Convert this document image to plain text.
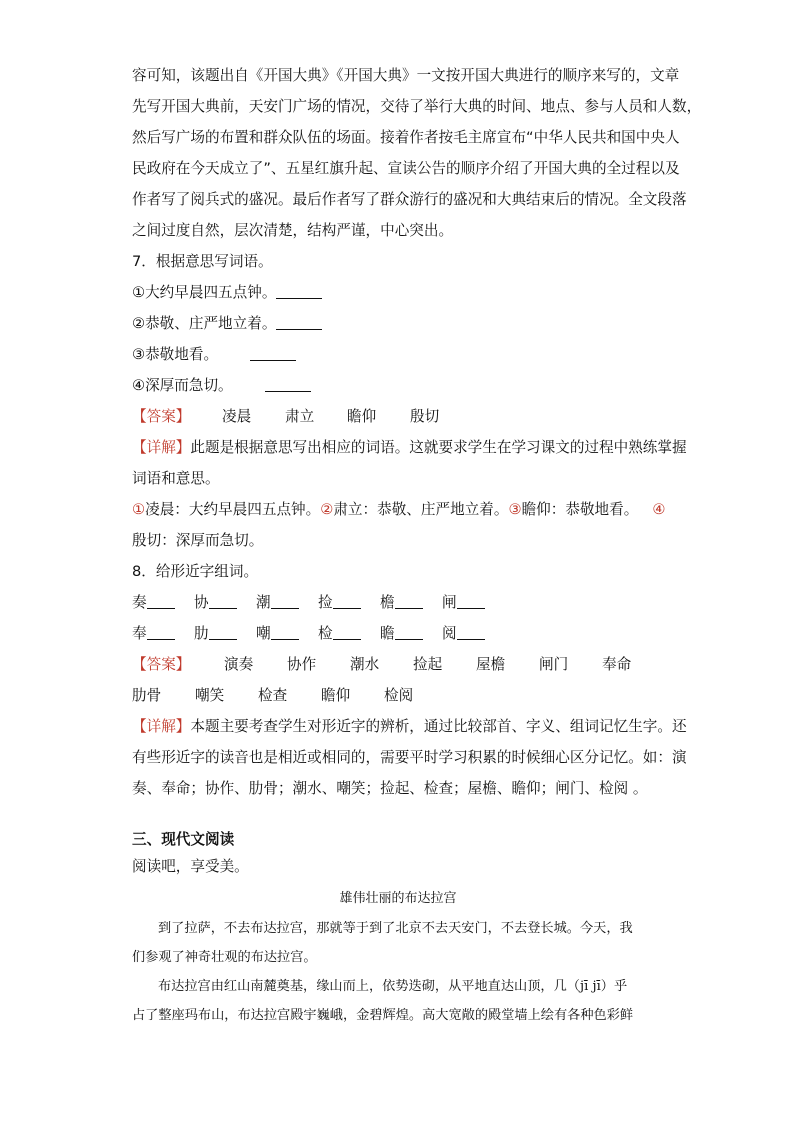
容可知，该题出自《开国大典》《开国大典》一文按开国大典进行的顺序来写的，文章
先写开国大典前，天安门广场的情况，交待了举行大典的时间、地点、参与人员和人数，
然后写广场的布置和群众队伍的场面。接着作者按毛主席宣布“中华人民共和国中央人
民政府在今天成立了”、五星红旗升起、宣读公告的顺序介绍了开国大典的全过程以及
作者写了阅兵式的盛况。最后作者写了群众游行的盛况和大典结束后的情况。全文段落
之间过度自然，层次清楚，结构严谨，中心突出。
7．根据意思写词语。
①大约早晨四五点钟。
②恭敬、庄严地立着。
③恭敬地看。
④深厚而急切。
【答案】 凌晨 肃立 瞻仰 殷切
【详解】此题是根据意思写出相应的词语。这就要求学生在学习课文的过程中熟练掌握
词语和意思。
①凌晨：大约早晨四五点钟。②肃立：恭敬、庄严地立着。③瞻仰：恭敬地看。 ④
殷切：深厚而急切。
8．给形近字组词。
奏	协	潮	捡	檐	闸
奉	肋	嘲	检	瞻	阅
【答案】 演奏 协作 潮水 捡起 屋檐 闸门 奉命
肋骨 嘲笑 检查 瞻仰 检阅
【详解】本题主要考查学生对形近字的辨析，通过比较部首、字义、组词记忆生字。还
有些形近字的读音也是相近或相同的，需要平时学习积累的时候细心区分记忆。如：演
奏、奉命；协作、肋骨；潮水、嘲笑；捡起、检查；屋檐、瞻仰；闸门、检阅 。
三、现代文阅读
阅读吧，享受美。
雄伟壮丽的布达拉宫
到了拉萨，不去布达拉宫，那就等于到了北京不去天安门，不去登长城。今天，我
们参观了神奇壮观的布达拉宫。
布达拉宫由红山南麓奠基，缘山而上，依势迭砌，从平地直达山顶，几（jī jī）乎
占了整座玛布山，布达拉宫殿宇巍峨，金碧辉煌。高大宽敞的殿堂墙上绘有各种色彩鲜
